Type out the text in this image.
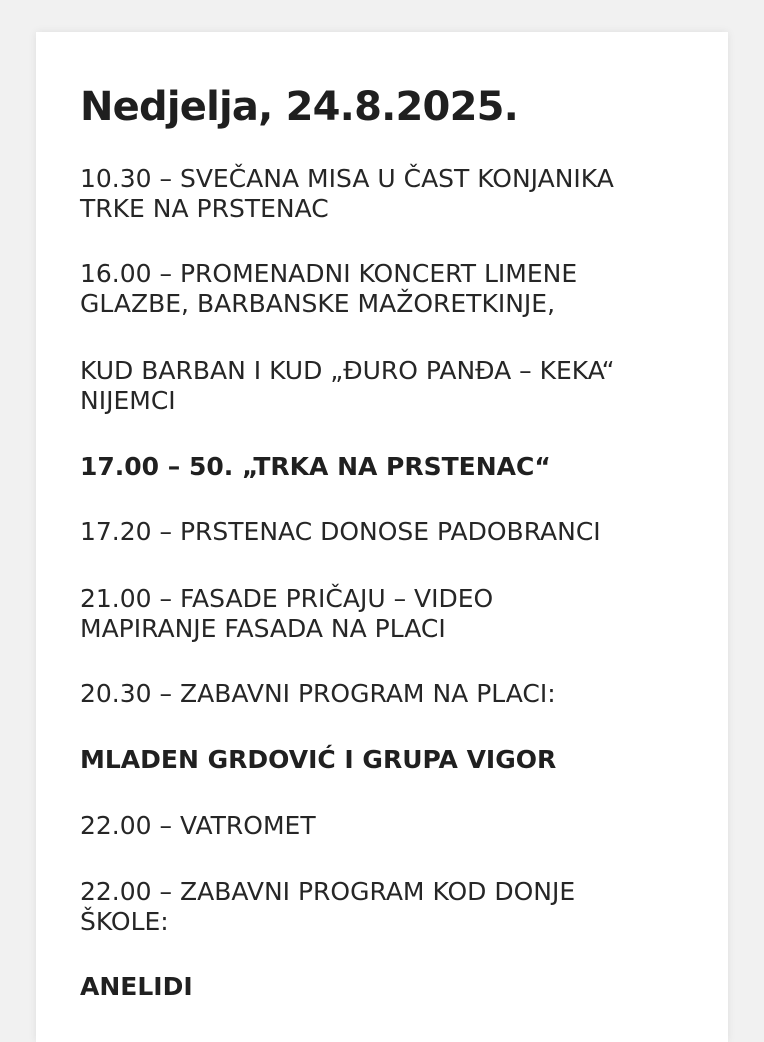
Nedjelja, 24.8.2025.

10.30 – SVEČANA MISA U ČAST KONJANIKA

TRKE NA PRSTENAC

16.00 – PROMENADNI KONCERT LIMENE

GLAZBE, BARBANSKE MAŽORETKINJE,

KUD BARBAN I KUD „ĐURO PANĐA – KEKA“

NIJEMCI

17.00 – 50. „TRKA NA PRSTENAC“

17.20 – PRSTENAC DONOSE PADOBRANCI

21.00 – FASADE PRIČAJU – VIDEO

MAPIRANJE FASADA NA PLACI

20.30 – ZABAVNI PROGRAM NA PLACI:

MLADEN GRDOVIĆ I GRUPA VIGOR

22.00 – VATROMET

22.00 – ZABAVNI PROGRAM KOD DONJE

ŠKOLE:

ANELIDI
